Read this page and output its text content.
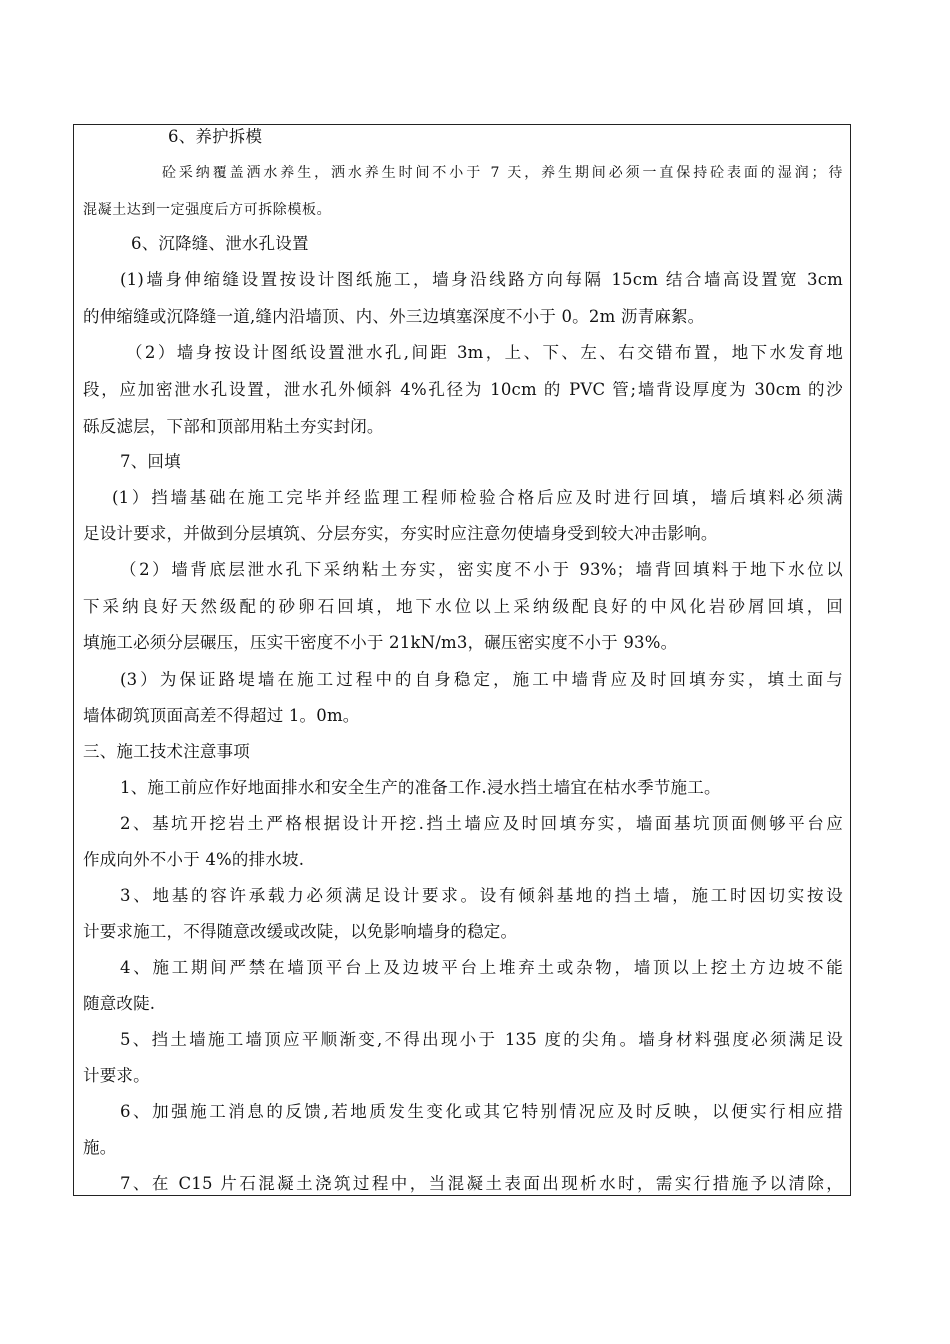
6、养护拆模
砼采纳覆盖洒水养生，洒水养生时间不小于 7 天，养生期间必须一直保持砼表面的湿润；待
混凝土达到一定强度后方可拆除模板。
6、沉降缝、泄水孔设置
(1)墙身伸缩缝设置按设计图纸施工，墙身沿线路方向每隔 15cm 结合墙高设置宽 3cm
的伸缩缝或沉降缝一道,缝内沿墙顶、内、外三边填塞深度不小于 0。2m 沥青麻絮。
（2）墙身按设计图纸设置泄水孔,间距 3m，上、下、左、右交错布置，地下水发育地
段，应加密泄水孔设置，泄水孔外倾斜 4%孔径为 10cm 的 PVC 管;墙背设厚度为 30cm 的沙
砾反滤层，下部和顶部用粘土夯实封闭。
7、回填
(1）挡墙基础在施工完毕并经监理工程师检验合格后应及时进行回填，墙后填料必须满
足设计要求，并做到分层填筑、分层夯实，夯实时应注意勿使墙身受到较大冲击影响。
（2）墙背底层泄水孔下采纳粘土夯实，密实度不小于 93%；墙背回填料于地下水位以
下采纳良好天然级配的砂卵石回填，地下水位以上采纳级配良好的中风化岩砂屑回填，回
填施工必须分层碾压，压实干密度不小于 21kN/m3，碾压密实度不小于 93%。
(3）为保证路堤墙在施工过程中的自身稳定，施工中墙背应及时回填夯实，填土面与
墙体砌筑顶面高差不得超过 1。0m。
三、施工技术注意事项
1、施工前应作好地面排水和安全生产的准备工作.浸水挡土墙宜在枯水季节施工。
2、基坑开挖岩土严格根据设计开挖.挡土墙应及时回填夯实，墙面基坑顶面侧够平台应
作成向外不小于 4%的排水坡.
3、地基的容许承载力必须满足设计要求。设有倾斜基地的挡土墙，施工时因切实按设
计要求施工，不得随意改缓或改陡，以免影响墙身的稳定。
4、施工期间严禁在墙顶平台上及边坡平台上堆弃土或杂物，墙顶以上挖土方边坡不能
随意改陡.
5、挡土墙施工墙顶应平顺渐变,不得出现小于 135 度的尖角。墙身材料强度必须满足设
计要求。
6、加强施工消息的反馈,若地质发生变化或其它特别情况应及时反映，以便实行相应措
施。
7、在 C15 片石混凝土浇筑过程中，当混凝土表面出现析水时，需实行措施予以清除，
